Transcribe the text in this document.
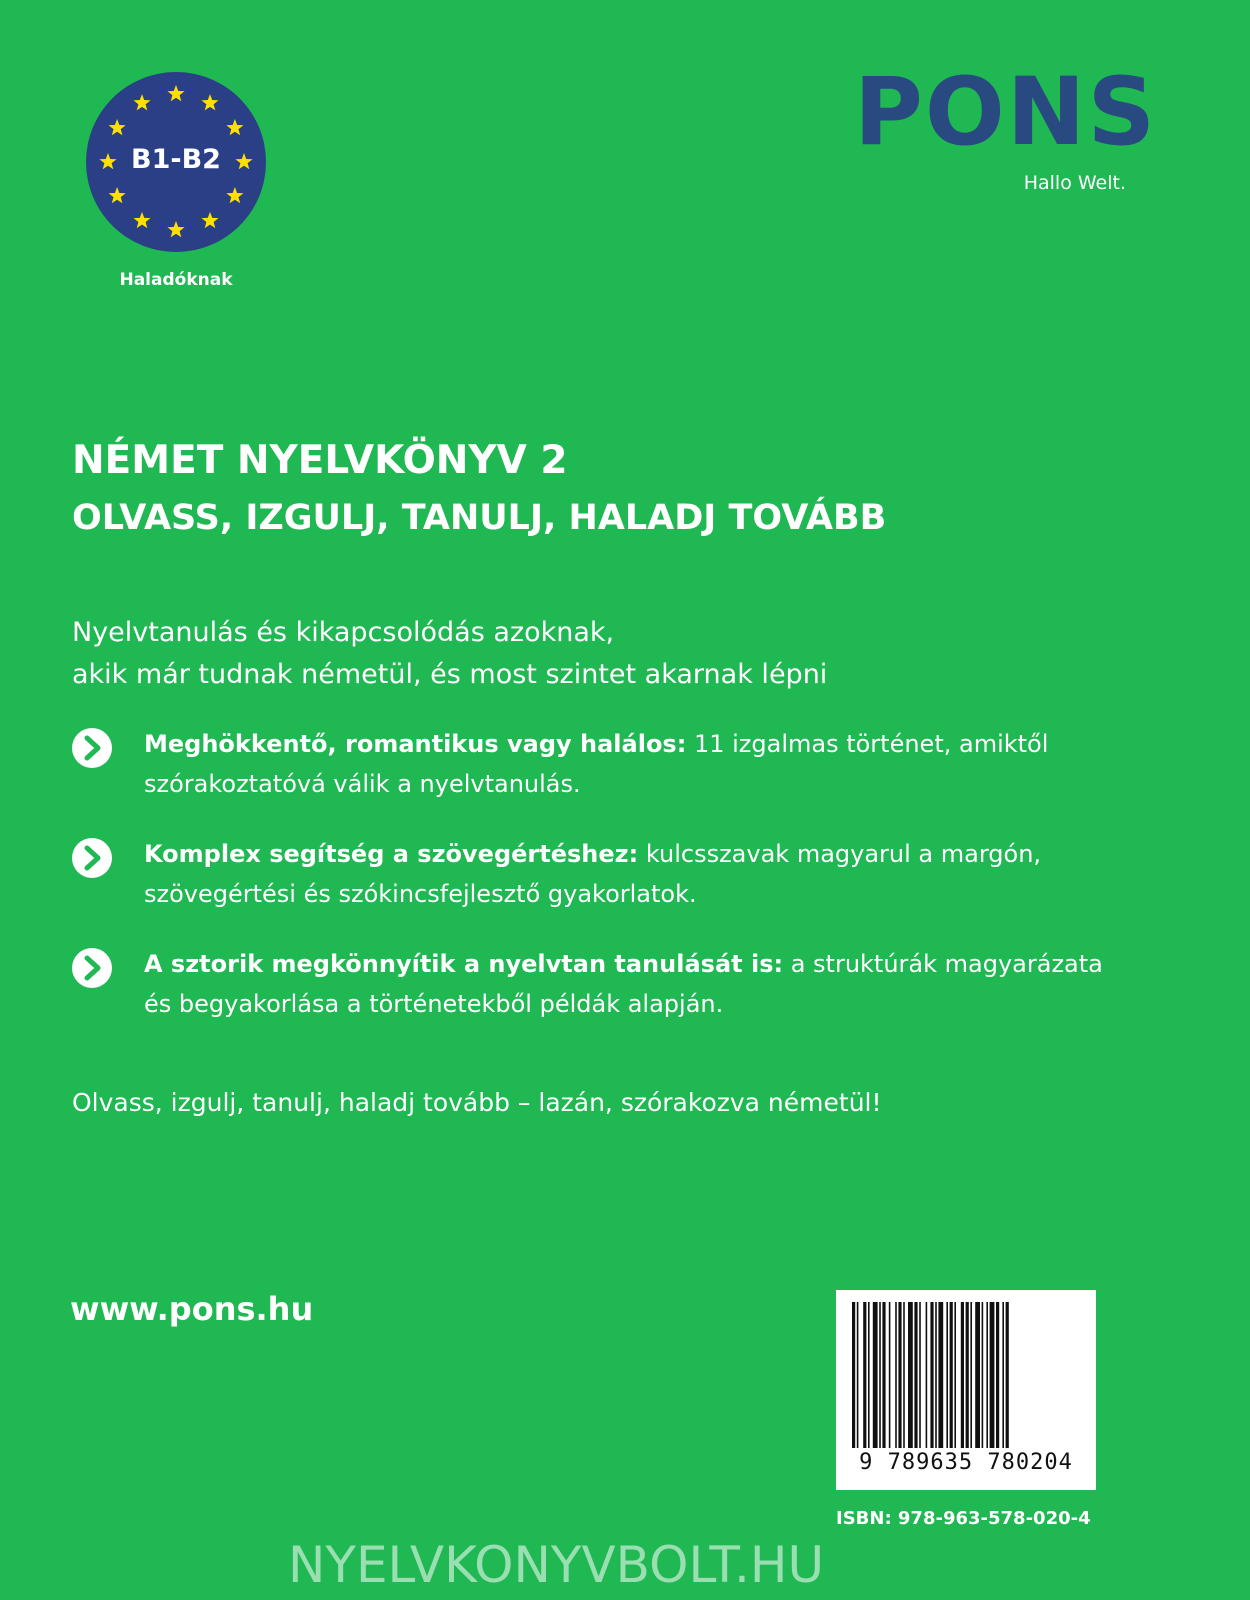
B1-B2
Haladóknak
PONS
Hallo Welt.
NÉMET NYELVKÖNYV 2
OLVASS, IZGULJ, TANULJ, HALADJ TOVÁBB
Nyelvtanulás és kikapcsolódás azoknak,
akik már tudnak németül, és most szintet akarnak lépni
Meghökkentő, romantikus vagy halálos: 11 izgalmas történet, amiktől szórakoztatóvá válik a nyelvtanulás.
Komplex segítség a szövegértéshez: kulcsszavak magyarul a margón, szövegértési és szókincsfejlesztő gyakorlatok.
A sztorik megkönnyítik a nyelvtan tanulását is: a struktúrák magyarázata és begyakorlása a történetekből példák alapján.
Olvass, izgulj, tanulj, haladj tovább – lazán, szórakozva németül!
www.pons.hu
9 789635 780204
ISBN: 978-963-578-020-4
NYELVKONYVBOLT.HU
